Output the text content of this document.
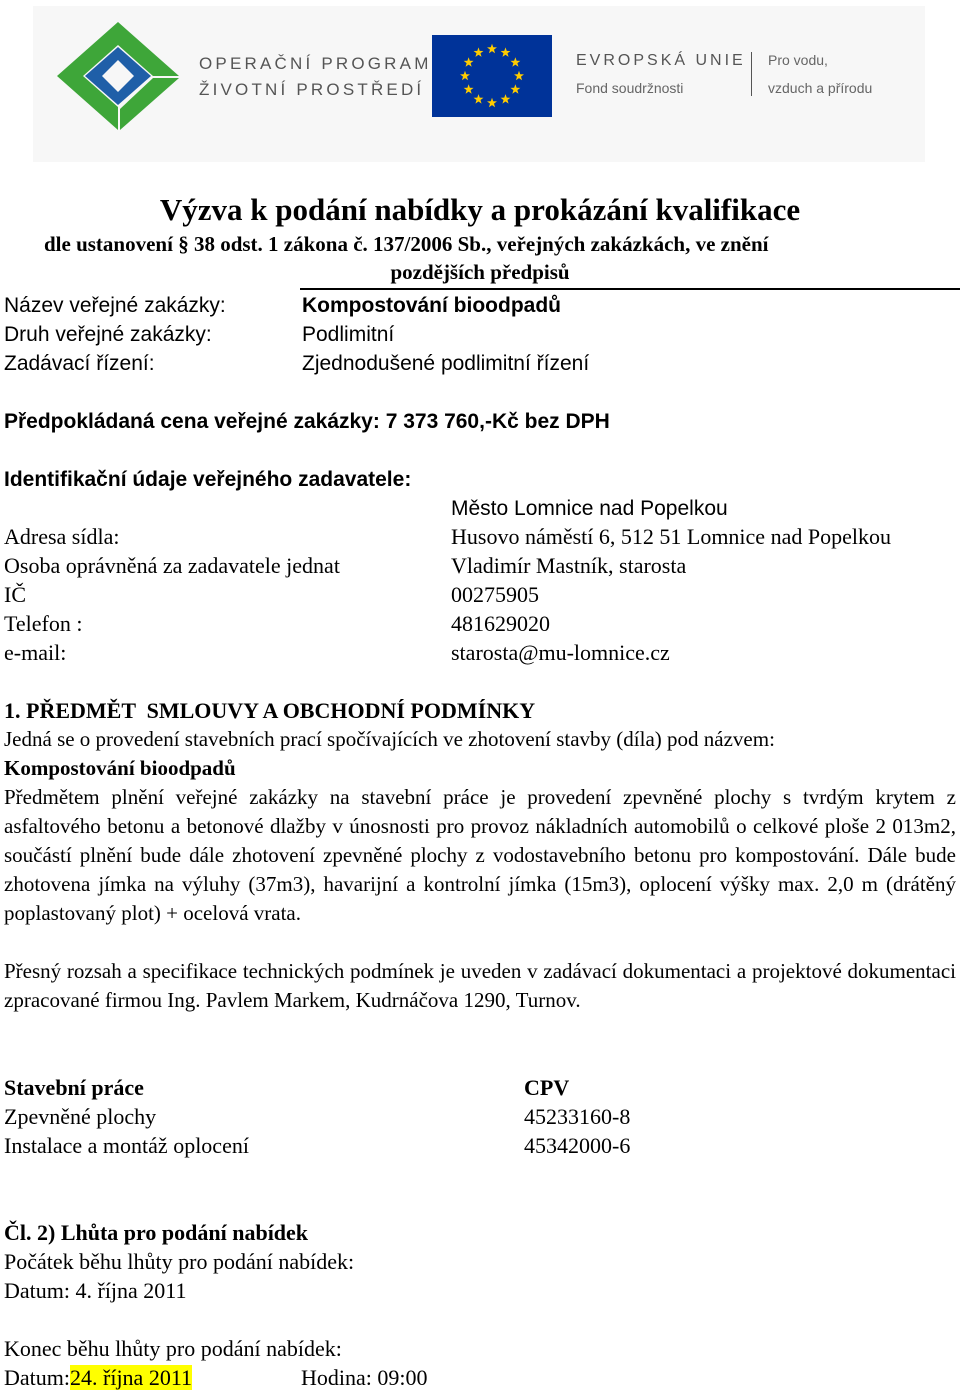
OPERAČNÍ PROGRAM
ŽIVOTNÍ PROSTŘEDÍ
EVROPSKÁ UNIE
Fond soudržnosti
Pro vodu,
vzduch a přírodu
Výzva k podání nabídky a prokázání kvalifikace
dle ustanovení § 38 odst. 1 zákona č. 137/2006 Sb., veřejných zakázkách, ve znění
pozdějších předpisů
Název veřejné zakázky:	Kompostování bioodpadů
Druh veřejné zakázky:	Podlimitní
Zadávací řízení:	Zjednodušené podlimitní řízení
Předpokládaná cena veřejné zakázky: 7 373 760,-Kč bez DPH
Identifikační údaje veřejného zadavatele:
Město Lomnice nad Popelkou
Adresa sídla:	Husovo náměstí 6, 512 51 Lomnice nad Popelkou
Osoba oprávněná za zadavatele jednat	Vladimír Mastník, starosta
IČ	00275905
Telefon :	481629020
e-mail:	starosta@mu-lomnice.cz
1. PŘEDMĚT  SMLOUVY A OBCHODNÍ PODMÍNKY
Jedná se o provedení stavebních prací spočívajících ve zhotovení stavby (díla) pod názvem:
Kompostování bioodpadů
Předmětem plnění veřejné zakázky na stavební práce je provedení zpevněné plochy s tvrdým krytem z asfaltového betonu a betonové dlažby v únosnosti pro provoz nákladních automobilů o celkové ploše 2 013m2, součástí plnění bude dále zhotovení zpevněné plochy z vodostavebního betonu pro kompostování. Dále bude zhotovena jímka na výluhy (37m3), havarijní a kontrolní jímka (15m3), oplocení výšky max. 2,0 m (drátěný poplastovaný plot) + ocelová vrata.
Přesný rozsah a specifikace technických podmínek je uveden v zadávací dokumentaci a projektové dokumentaci zpracované firmou Ing. Pavlem Markem, Kudrnáčova 1290, Turnov.
Stavební práce	CPV
Zpevněné plochy	45233160-8
Instalace a montáž oplocení	45342000-6
Čl. 2) Lhůta pro podání nabídek
Počátek běhu lhůty pro podání nabídek:
Datum: 4. října 2011
Konec běhu lhůty pro podání nabídek:
Datum:24. října 2011	Hodina: 09:00
